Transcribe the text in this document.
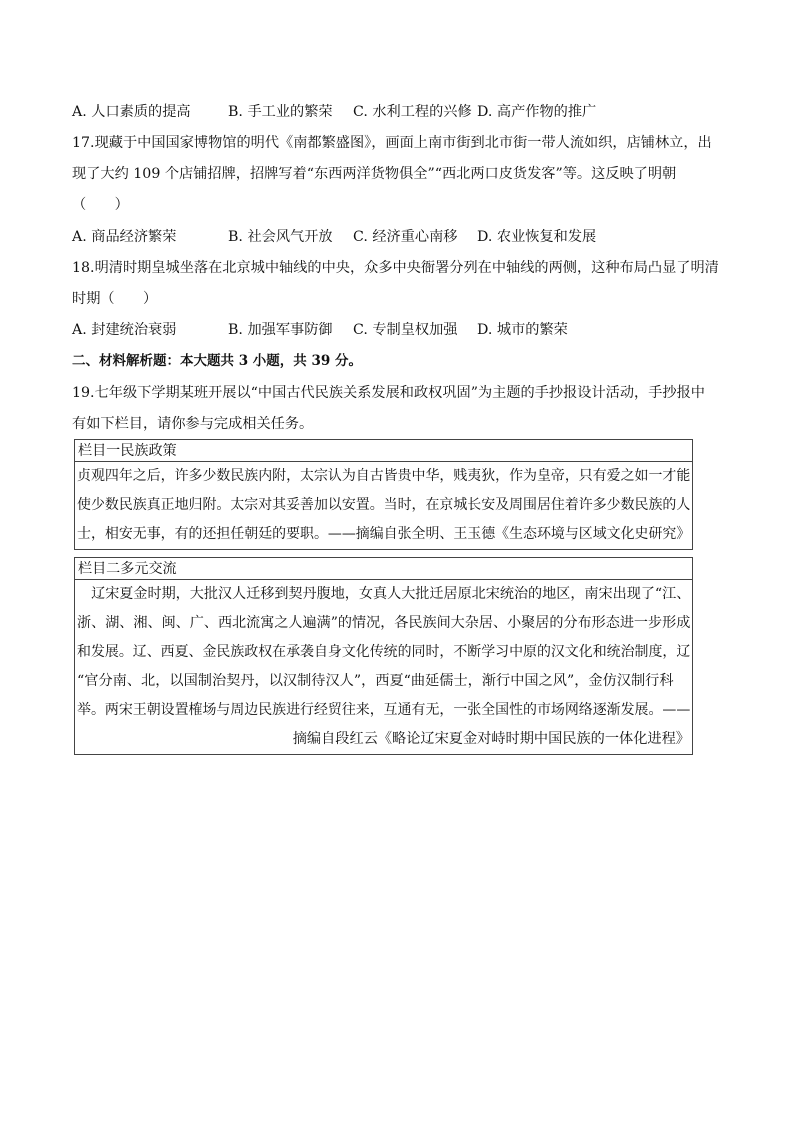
A. 人口素质的提高	B. 手工业的繁荣 C. 水利工程的兴修 D. 高产作物的推广
17.现藏于中国国家博物馆的明代《南都繁盛图》，画面上南市街到北市街一带人流如织，店铺林立，出
现了大约 109 个店铺招牌，招牌写着“东西两洋货物俱全”“西北两口皮货发客”等。这反映了明朝
（　　）
A. 商品经济繁荣	B. 社会风气开放 C. 经济重心南移 D. 农业恢复和发展
18.明清时期皇城坐落在北京城中轴线的中央，众多中央衙署分列在中轴线的两侧，这种布局凸显了明清
时期（　　）
A. 封建统治衰弱	B. 加强军事防御 C. 专制皇权加强 D. 城市的繁荣
二、材料解析题：本大题共 3 小题，共 39 分。
19.七年级下学期某班开展以“中国古代民族关系发展和政权巩固”为主题的手抄报设计活动，手抄报中
有如下栏目，请你参与完成相关任务。
栏目一民族政策
贞观四年之后，许多少数民族内附，太宗认为自古皆贵中华，贱夷狄，作为皇帝，只有爱之如一才能
使少数民族真正地归附。太宗对其妥善加以安置。当时，在京城长安及周围居住着许多少数民族的人
士，相安无事，有的还担任朝廷的要职。——摘编自张全明、王玉德《生态环境与区域文化史研究》
栏目二多元交流
　辽宋夏金时期，大批汉人迁移到契丹腹地，女真人大批迁居原北宋统治的地区，南宋出现了“江、
浙、湖、湘、闽、广、西北流寓之人遍满”的情况，各民族间大杂居、小聚居的分布形态进一步形成
和发展。辽、西夏、金民族政权在承袭自身文化传统的同时，不断学习中原的汉文化和统治制度，辽
“官分南、北，以国制治契丹，以汉制待汉人”，西夏“曲延儒士，渐行中国之风”，金仿汉制行科
举。两宋王朝设置榷场与周边民族进行经贸往来，互通有无，一张全国性的市场网络逐渐发展。——
摘编自段红云《略论辽宋夏金对峙时期中国民族的一体化进程》
